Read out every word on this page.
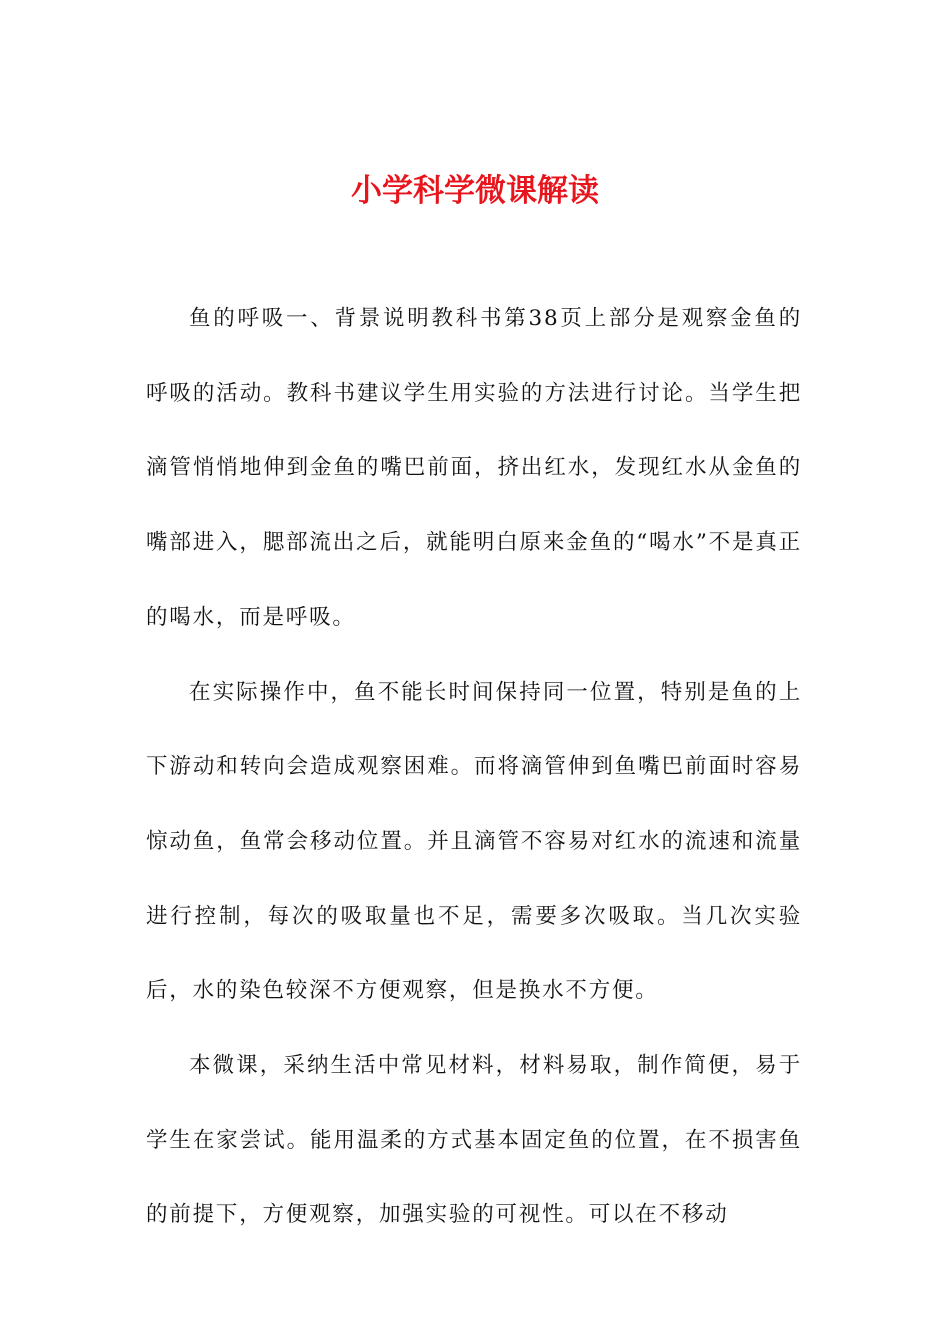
小学科学微课解读

鱼的呼吸一、背景说明教科书第38页上部分是观察金鱼的呼吸的活动。教科书建议学生用实验的方法进行讨论。当学生把滴管悄悄地伸到金鱼的嘴巴前面，挤出红水，发现红水从金鱼的嘴部进入，腮部流出之后，就能明白原来金鱼的“喝水”不是真正的喝水，而是呼吸。

在实际操作中，鱼不能长时间保持同一位置，特别是鱼的上下游动和转向会造成观察困难。而将滴管伸到鱼嘴巴前面时容易惊动鱼，鱼常会移动位置。并且滴管不容易对红水的流速和流量进行控制，每次的吸取量也不足，需要多次吸取。当几次实验后，水的染色较深不方便观察，但是换水不方便。

本微课，采纳生活中常见材料，材料易取，制作简便，易于学生在家尝试。能用温柔的方式基本固定鱼的位置，在不损害鱼的前提下，方便观察，加强实验的可视性。可以在不移动
